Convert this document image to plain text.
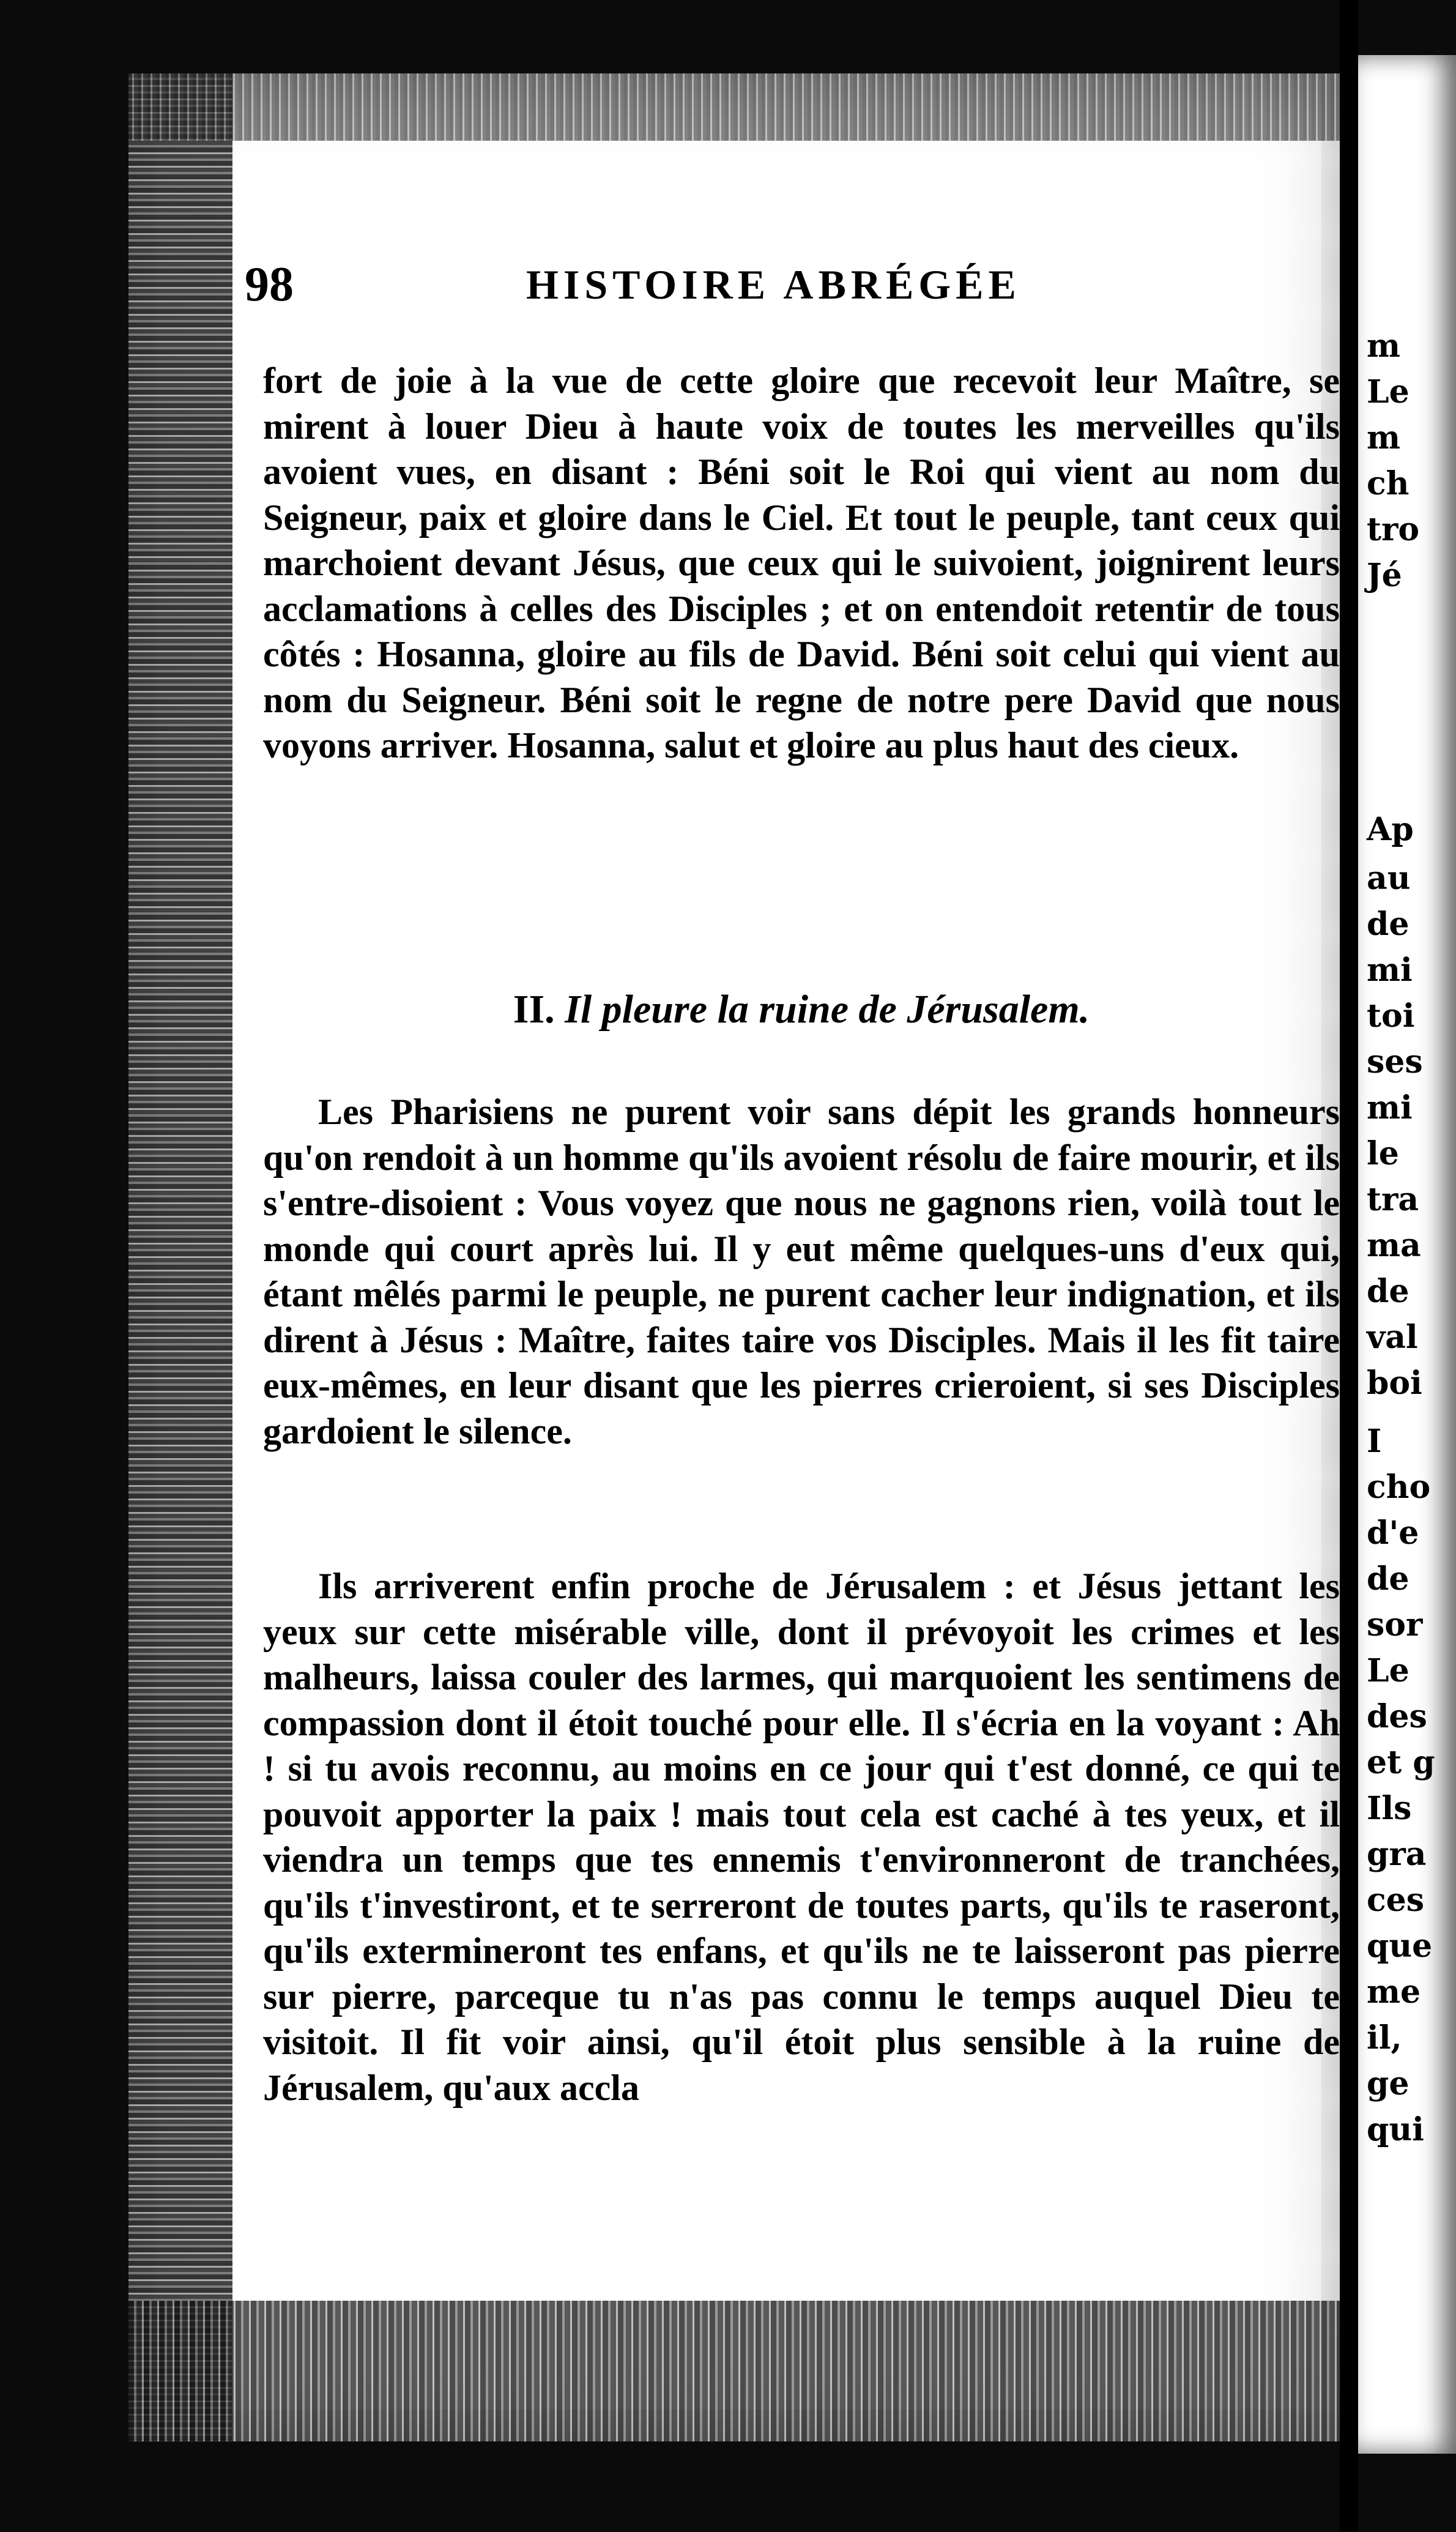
m
Le
m
ch
tro
Jé
Ap
au
de
mi
toi
ses
mi
le
tra
ma
de
val
boi
I
cho
d'e
de
sor
Le
des
et g
Ils
gra
ces
que
me
il,
ge
qui
98	HISTOIRE ABRÉGÉE

fort de joie à la vue de cette gloire que recevoit leur Maître, se mirent à louer Dieu à haute voix de toutes les merveilles qu'ils avoient vues, en disant : Béni soit le Roi qui vient au nom du Seigneur, paix et gloire dans le Ciel. Et tout le peuple, tant ceux qui marchoient devant Jésus, que ceux qui le suivoient, joignirent leurs acclamations à celles des Disciples ; et on entendoit retentir de tous côtés : Hosanna, gloire au fils de David. Béni soit celui qui vient au nom du Seigneur. Béni soit le regne de notre pere David que nous voyons arriver. Hosanna, salut et gloire au plus haut des cieux.

II. Il pleure la ruine de Jérusalem.

Les Pharisiens ne purent voir sans dépit les grands honneurs qu'on rendoit à un homme qu'ils avoient résolu de faire mourir, et ils s'entre-disoient : Vous voyez que nous ne gagnons rien, voilà tout le monde qui court après lui. Il y eut même quelques-uns d'eux qui, étant mêlés parmi le peuple, ne purent cacher leur indignation, et ils dirent à Jésus : Maître, faites taire vos Disciples. Mais il les fit taire eux-mêmes, en leur disant que les pierres crieroient, si ses Disciples gardoient le silence.

Ils arriverent enfin proche de Jérusalem : et Jésus jettant les yeux sur cette misérable ville, dont il prévoyoit les crimes et les malheurs, laissa couler des larmes, qui marquoient les sentimens de compassion dont il étoit touché pour elle. Il s'écria en la voyant : Ah ! si tu avois reconnu, au moins en ce jour qui t'est donné, ce qui te pouvoit apporter la paix ! mais tout cela est caché à tes yeux, et il viendra un temps que tes ennemis t'environneront de tranchées, qu'ils t'investiront, et te serreront de toutes parts, qu'ils te raseront, qu'ils extermineront tes enfans, et qu'ils ne te laisseront pas pierre sur pierre, parceque tu n'as pas connu le temps auquel Dieu te visitoit. Il fit voir ainsi, qu'il étoit plus sensible à la ruine de Jérusalem, qu'aux accla
